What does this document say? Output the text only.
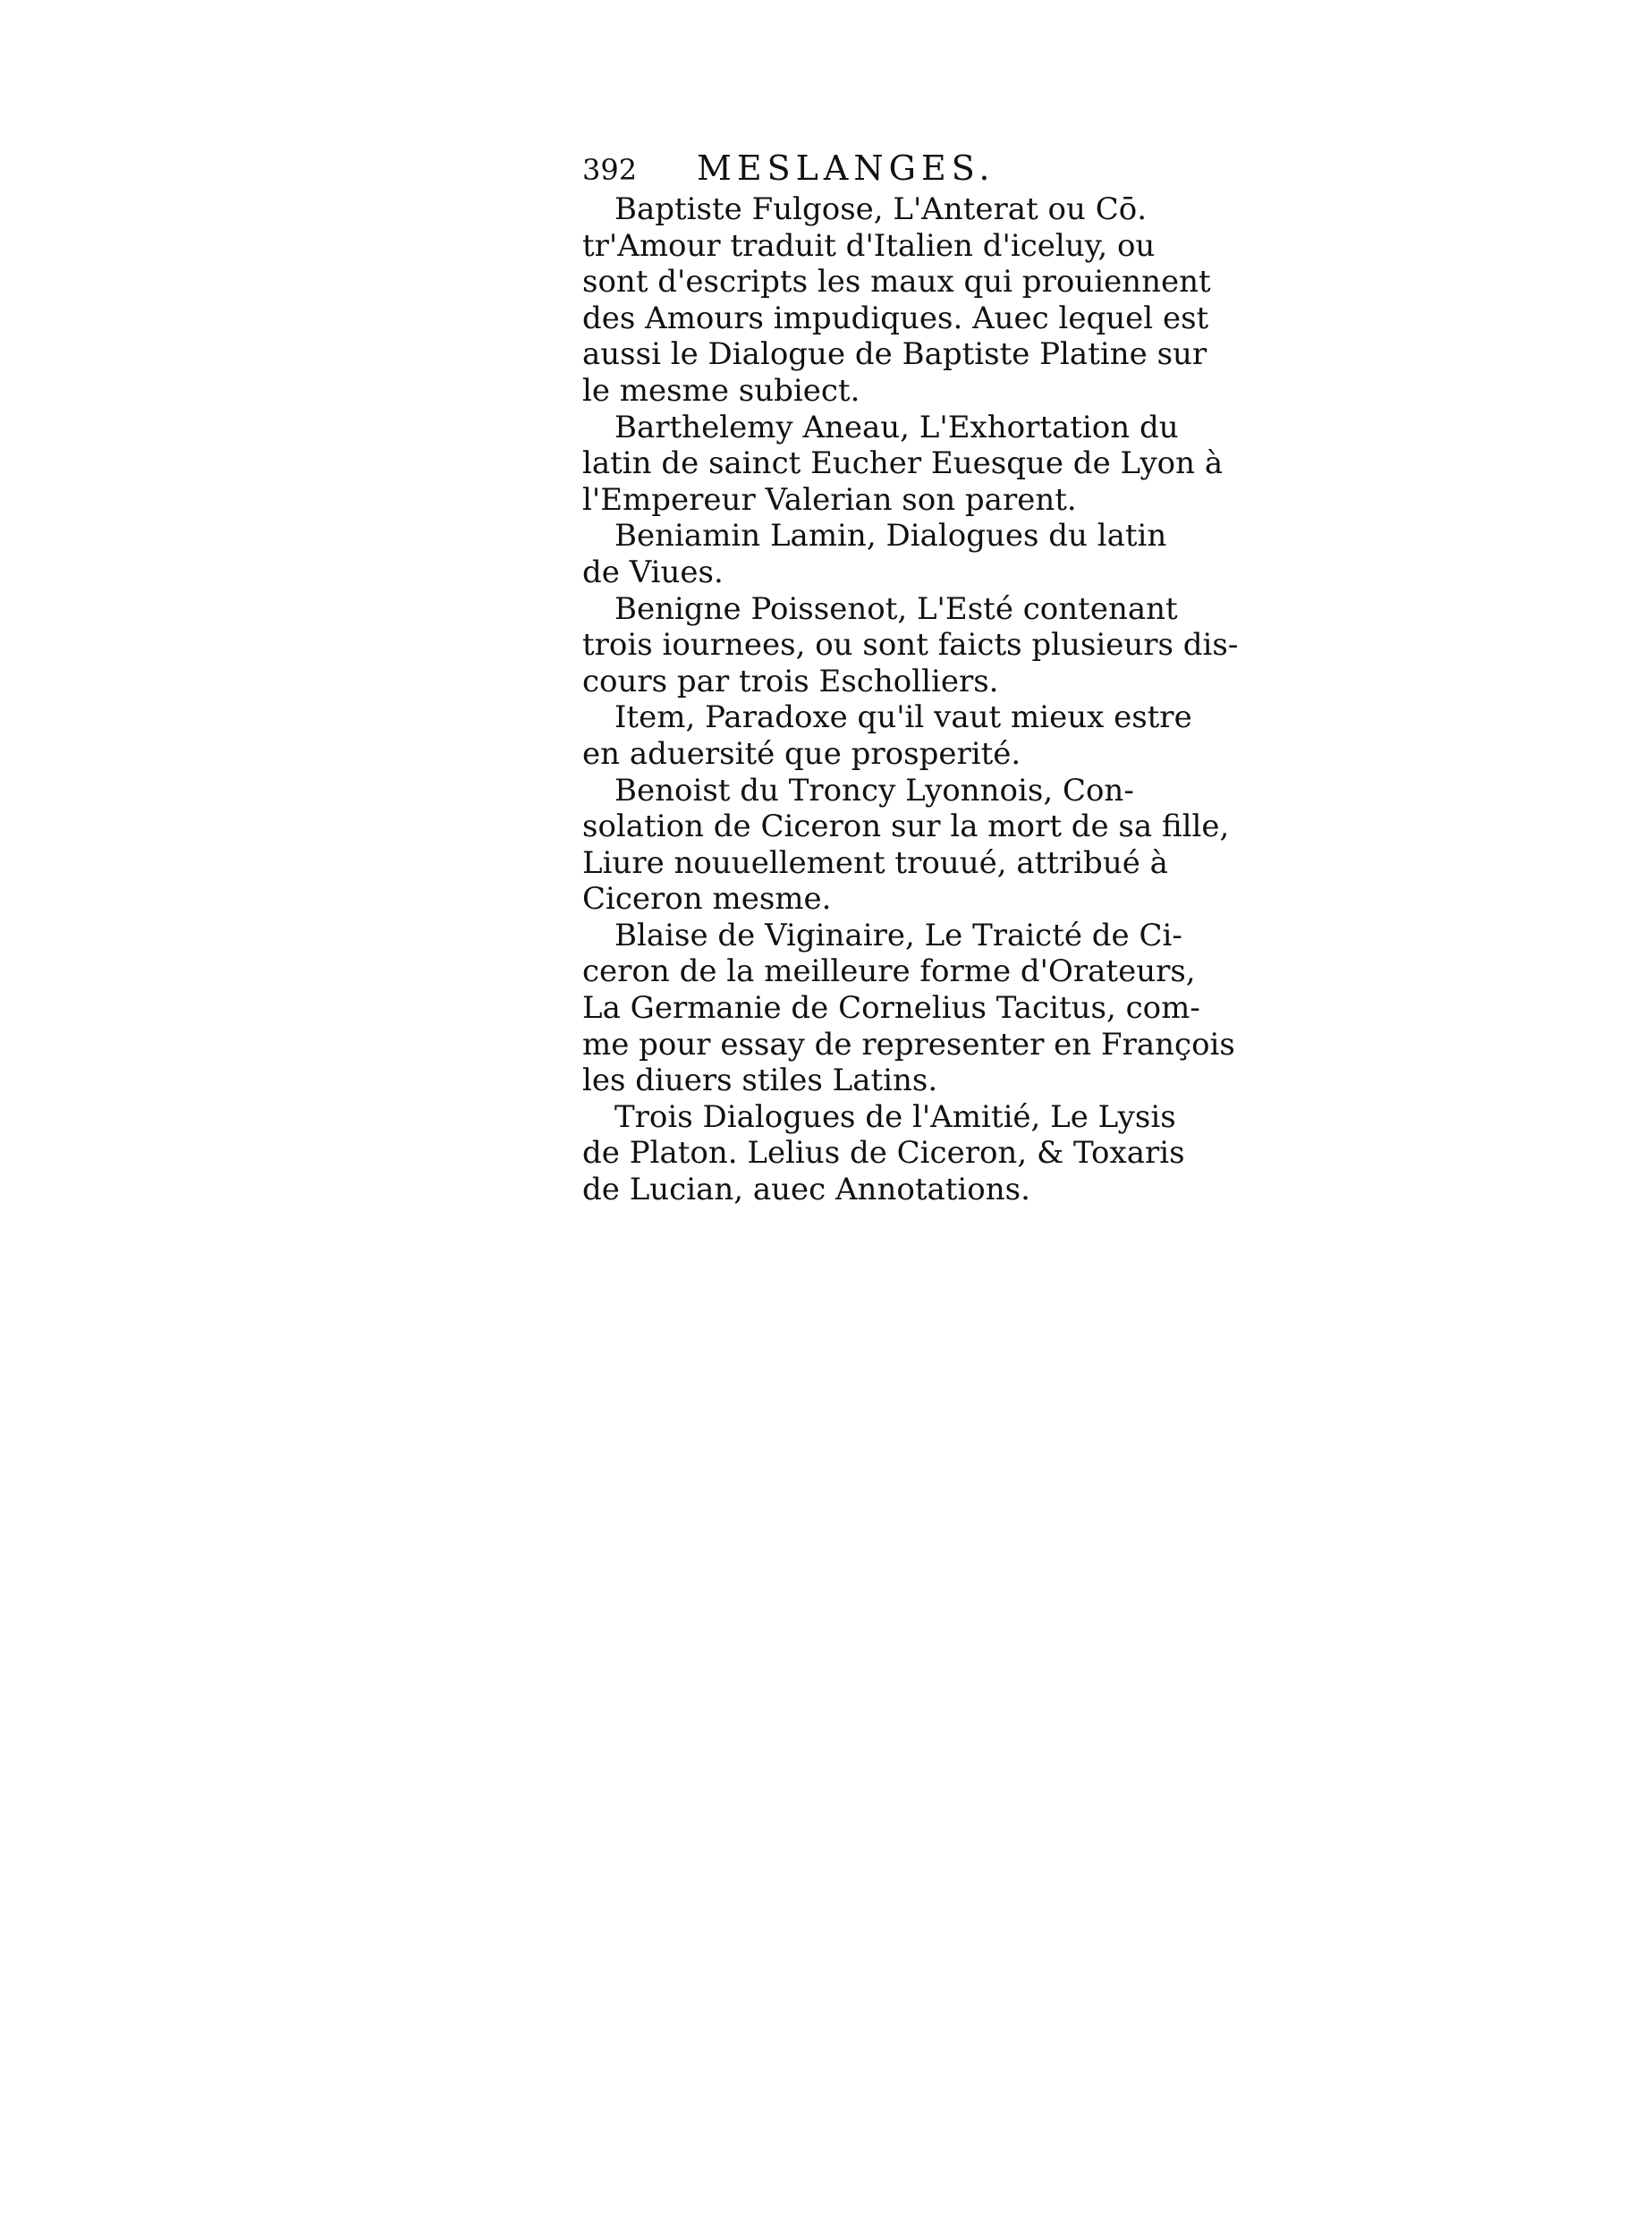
392	MESLANGES.
Baptiste Fulgose, L'Anterat ou Cō.
tr'Amour traduit d'Italien d'iceluy, ou
sont d'escripts les maux qui prouiennent
des Amours impudiques. Auec lequel est
aussi le Dialogue de Baptiste Platine sur
le mesme subiect.
Barthelemy Aneau, L'Exhortation du
latin de sainct Eucher Euesque de Lyon à
l'Empereur Valerian son parent.
Beniamin Lamin, Dialogues du latin
de Viues.
Benigne Poissenot, L'Esté contenant
trois iournees, ou sont faicts plusieurs dis-
cours par trois Escholliers.
Item, Paradoxe qu'il vaut mieux estre
en aduersité que prosperité.
Benoist du Troncy Lyonnois, Con-
solation de Ciceron sur la mort de sa fille,
Liure nouuellement trouué, attribué à
Ciceron mesme.
Blaise de Viginaire, Le Traicté de Ci-
ceron de la meilleure forme d'Orateurs,
La Germanie de Cornelius Tacitus, com-
me pour essay de representer en François
les diuers stiles Latins.
Trois Dialogues de l'Amitié, Le Lysis
de Platon. Lelius de Ciceron, & Toxaris
de Lucian, auec Annotations.
